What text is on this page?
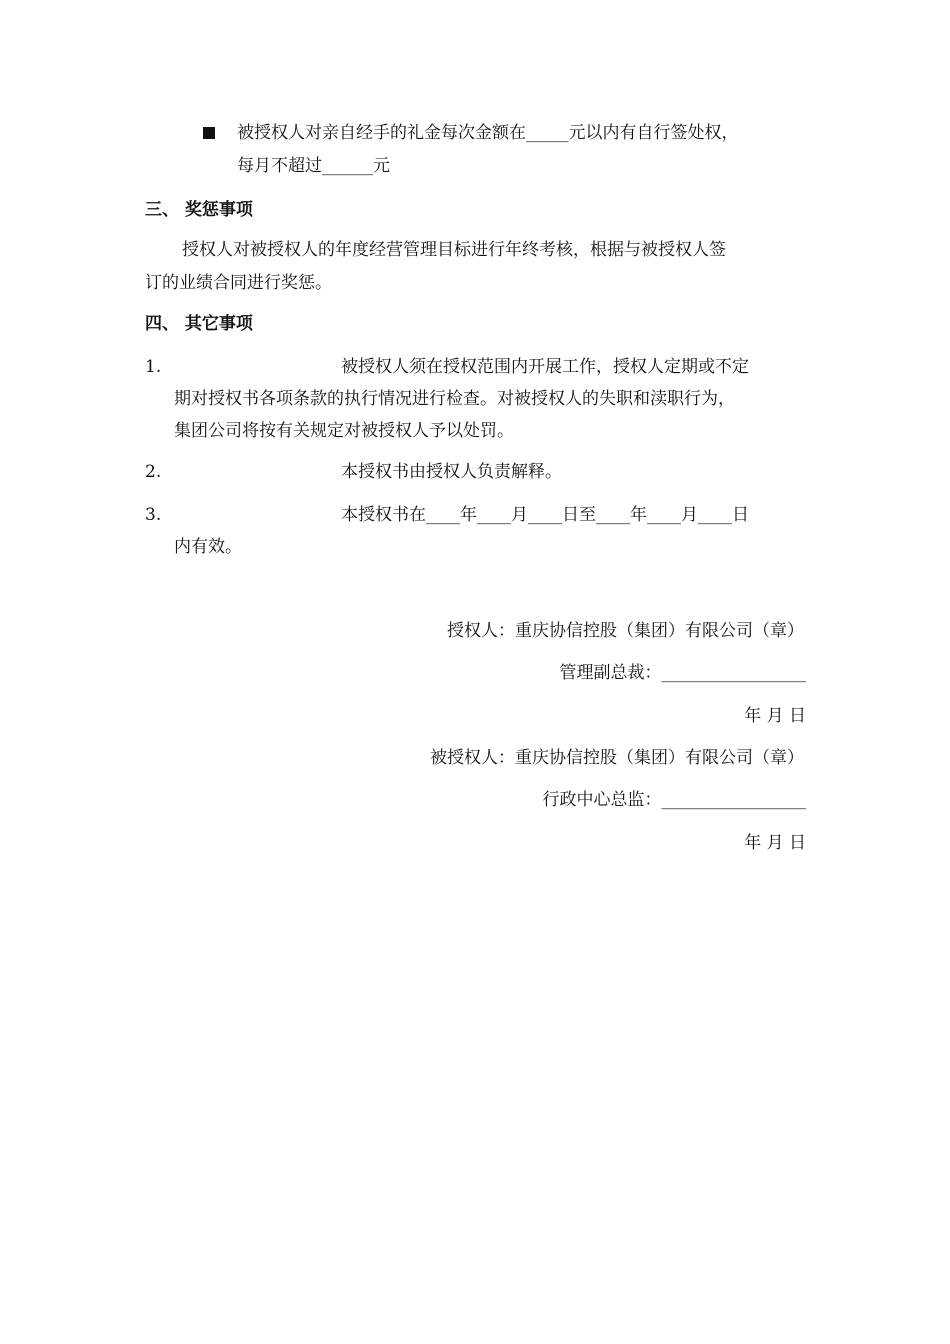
被授权人对亲自经手的礼金每次金额在_____元以内有自行签处权，
每月不超过______元
三、 奖惩事项
授权人对被授权人的年度经营管理目标进行年终考核，根据与被授权人签
订的业绩合同进行奖惩。
四、 其它事项
1.	被授权人须在授权范围内开展工作，授权人定期或不定
期对授权书各项条款的执行情况进行检查。对被授权人的失职和渎职行为，
集团公司将按有关规定对被授权人予以处罚。
2.	本授权书由授权人负责解释。
3.	本授权书在____年____月____日至____年____月____日
内有效。
授权人：重庆协信控股（集团）有限公司（章）
管理副总裁：_________________
年 月 日
被授权人：重庆协信控股（集团）有限公司（章）
行政中心总监：_________________
年 月 日
